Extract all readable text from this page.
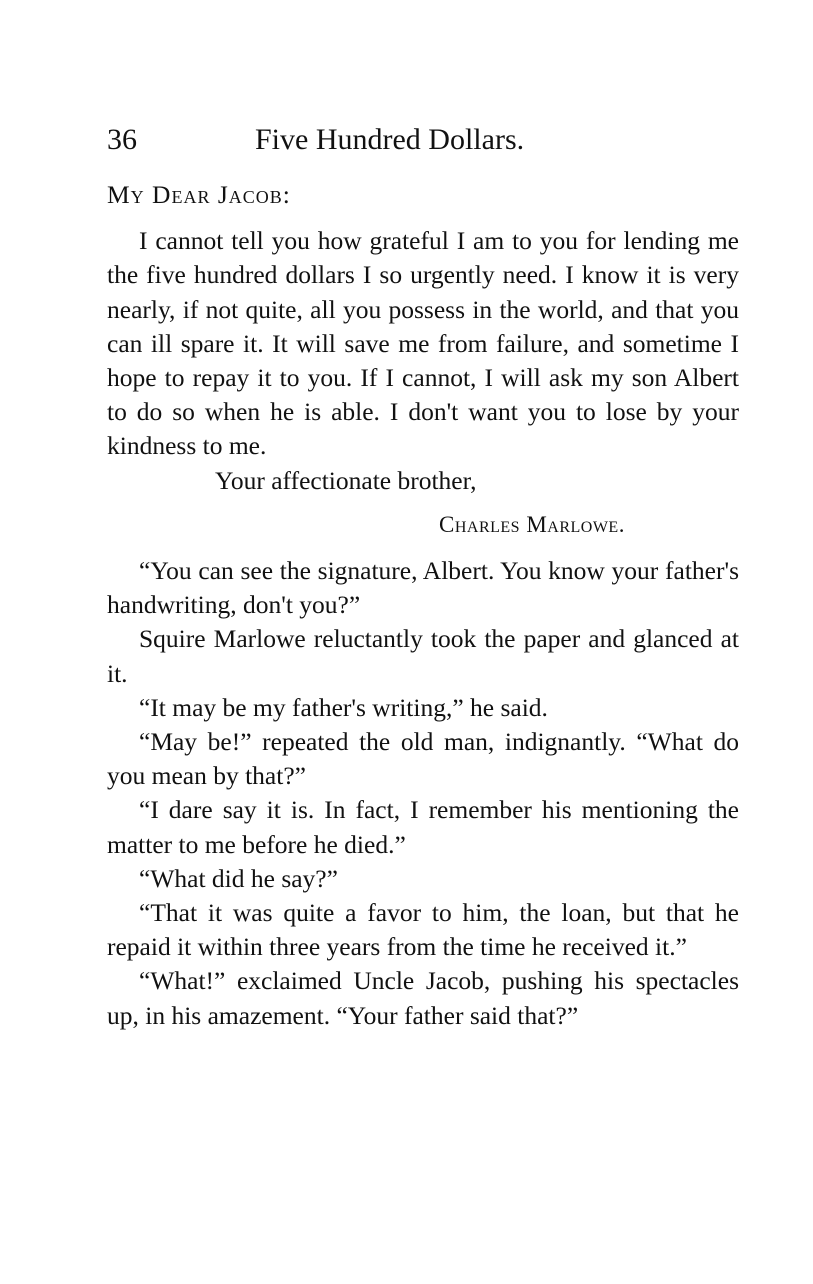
36	Five Hundred Dollars.

My Dear Jacob:

I cannot tell you how grateful I am to you for lending me the five hundred dollars I so urgently need. I know it is very nearly, if not quite, all you possess in the world, and that you can ill spare it. It will save me from failure, and sometime I hope to repay it to you. If I cannot, I will ask my son Albert to do so when he is able. I don't want you to lose by your kindness to me.

Your affectionate brother,

Charles Marlowe.

“You can see the signature, Albert. You know your father's handwriting, don't you?”

Squire Marlowe reluctantly took the paper and glanced at it.

“It may be my father's writing,” he said.

“May be!” repeated the old man, indignantly. “What do you mean by that?”

“I dare say it is. In fact, I remember his mentioning the matter to me before he died.”

“What did he say?”

“That it was quite a favor to him, the loan, but that he repaid it within three years from the time he received it.”

“What!” exclaimed Uncle Jacob, pushing his spectacles up, in his amazement. “Your father said that?”
